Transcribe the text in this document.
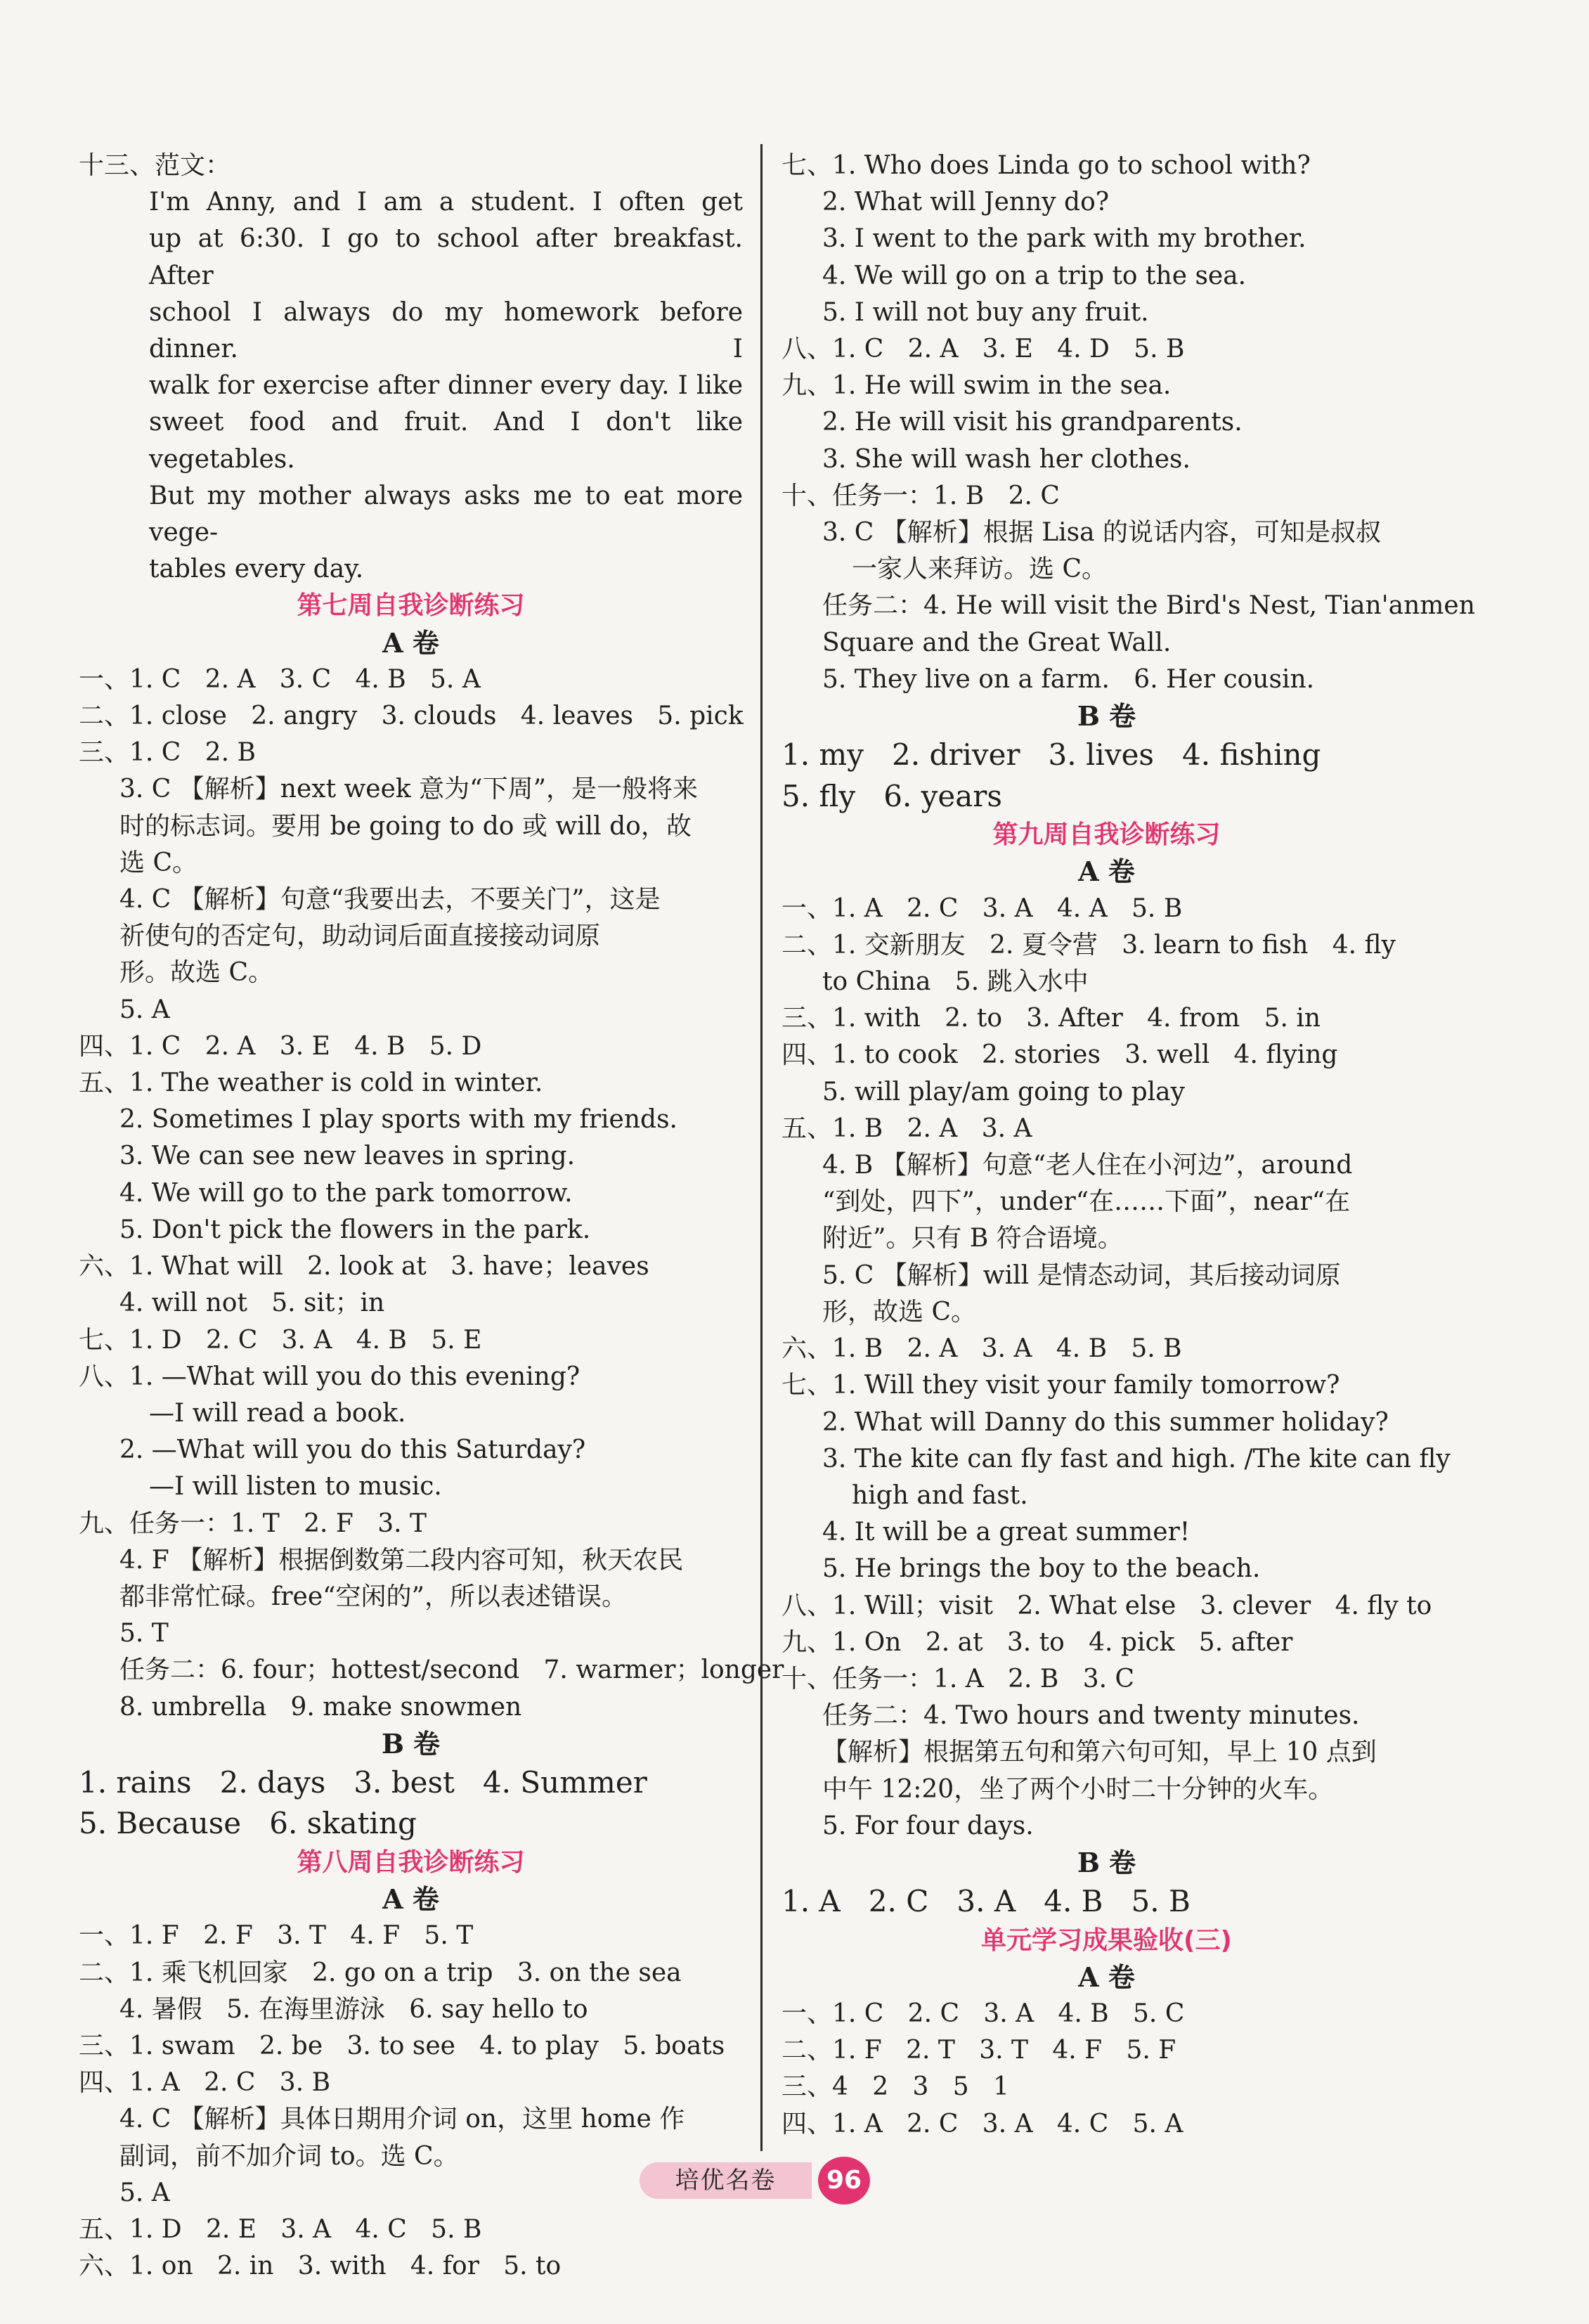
十三、范文：
I'm Anny, and I am a student. I often get
up at 6:30. I go to school after breakfast. After
school I always do my homework before dinner. I
walk for exercise after dinner every day. I like
sweet food and fruit. And I don't like vegetables.
But my mother always asks me to eat more vege-
tables every day.
第七周自我诊断练习
A 卷
一、1. C   2. A   3. C   4. B   5. A
二、1. close   2. angry   3. clouds   4. leaves   5. pick
三、1. C   2. B
3. C 【解析】next week 意为“下周”，是一般将来
时的标志词。要用 be going to do 或 will do，故
选 C。
4. C 【解析】句意“我要出去，不要关门”，这是
祈使句的否定句，助动词后面直接接动词原
形。故选 C。
5. A
四、1. C   2. A   3. E   4. B   5. D
五、1. The weather is cold in winter.
2. Sometimes I play sports with my friends.
3. We can see new leaves in spring.
4. We will go to the park tomorrow.
5. Don't pick the flowers in the park.
六、1. What will   2. look at   3. have；leaves
4. will not   5. sit；in
七、1. D   2. C   3. A   4. B   5. E
八、1. —What will you do this evening?
—I will read a book.
2. —What will you do this Saturday?
—I will listen to music.
九、任务一：1. T   2. F   3. T
4. F 【解析】根据倒数第二段内容可知，秋天农民
都非常忙碌。free“空闲的”，所以表述错误。
5. T
任务二：6. four；hottest/second   7. warmer；longer
8. umbrella   9. make snowmen
B 卷
1. rains   2. days   3. best   4. Summer
5. Because   6. skating
第八周自我诊断练习
A 卷
一、1. F   2. F   3. T   4. F   5. T
二、1. 乘飞机回家   2. go on a trip   3. on the sea
4. 暑假   5. 在海里游泳   6. say hello to
三、1. swam   2. be   3. to see   4. to play   5. boats
四、1. A   2. C   3. B
4. C 【解析】具体日期用介词 on，这里 home 作
副词，前不加介词 to。选 C。
5. A
五、1. D   2. E   3. A   4. C   5. B
六、1. on   2. in   3. with   4. for   5. to
七、1. Who does Linda go to school with?
2. What will Jenny do?
3. I went to the park with my brother.
4. We will go on a trip to the sea.
5. I will not buy any fruit.
八、1. C   2. A   3. E   4. D   5. B
九、1. He will swim in the sea.
2. He will visit his grandparents.
3. She will wash her clothes.
十、任务一：1. B   2. C
3. C 【解析】根据 Lisa 的说话内容，可知是叔叔
一家人来拜访。选 C。
任务二：4. He will visit the Bird's Nest, Tian'anmen
Square and the Great Wall.
5. They live on a farm.   6. Her cousin.
B 卷
1. my   2. driver   3. lives   4. fishing
5. fly   6. years
第九周自我诊断练习
A 卷
一、1. A   2. C   3. A   4. A   5. B
二、1. 交新朋友   2. 夏令营   3. learn to fish   4. fly
to China   5. 跳入水中
三、1. with   2. to   3. After   4. from   5. in
四、1. to cook   2. stories   3. well   4. flying
5. will play/am going to play
五、1. B   2. A   3. A
4. B 【解析】句意“老人住在小河边”，around
“到处，四下”，under“在……下面”，near“在
附近”。只有 B 符合语境。
5. C 【解析】will 是情态动词，其后接动词原
形，故选 C。
六、1. B   2. A   3. A   4. B   5. B
七、1. Will they visit your family tomorrow?
2. What will Danny do this summer holiday?
3. The kite can fly fast and high. /The kite can fly
high and fast.
4. It will be a great summer!
5. He brings the boy to the beach.
八、1. Will；visit   2. What else   3. clever   4. fly to
九、1. On   2. at   3. to   4. pick   5. after
十、任务一：1. A   2. B   3. C
任务二：4. Two hours and twenty minutes.
【解析】根据第五句和第六句可知，早上 10 点到
中午 12:20，坐了两个小时二十分钟的火车。
5. For four days.
B 卷
1. A   2. C   3. A   4. B   5. B
单元学习成果验收(三)
A 卷
一、1. C   2. C   3. A   4. B   5. C
二、1. F   2. T   3. T   4. F   5. F
三、4   2   3   5   1
四、1. A   2. C   3. A   4. C   5. A
培优名卷	96
